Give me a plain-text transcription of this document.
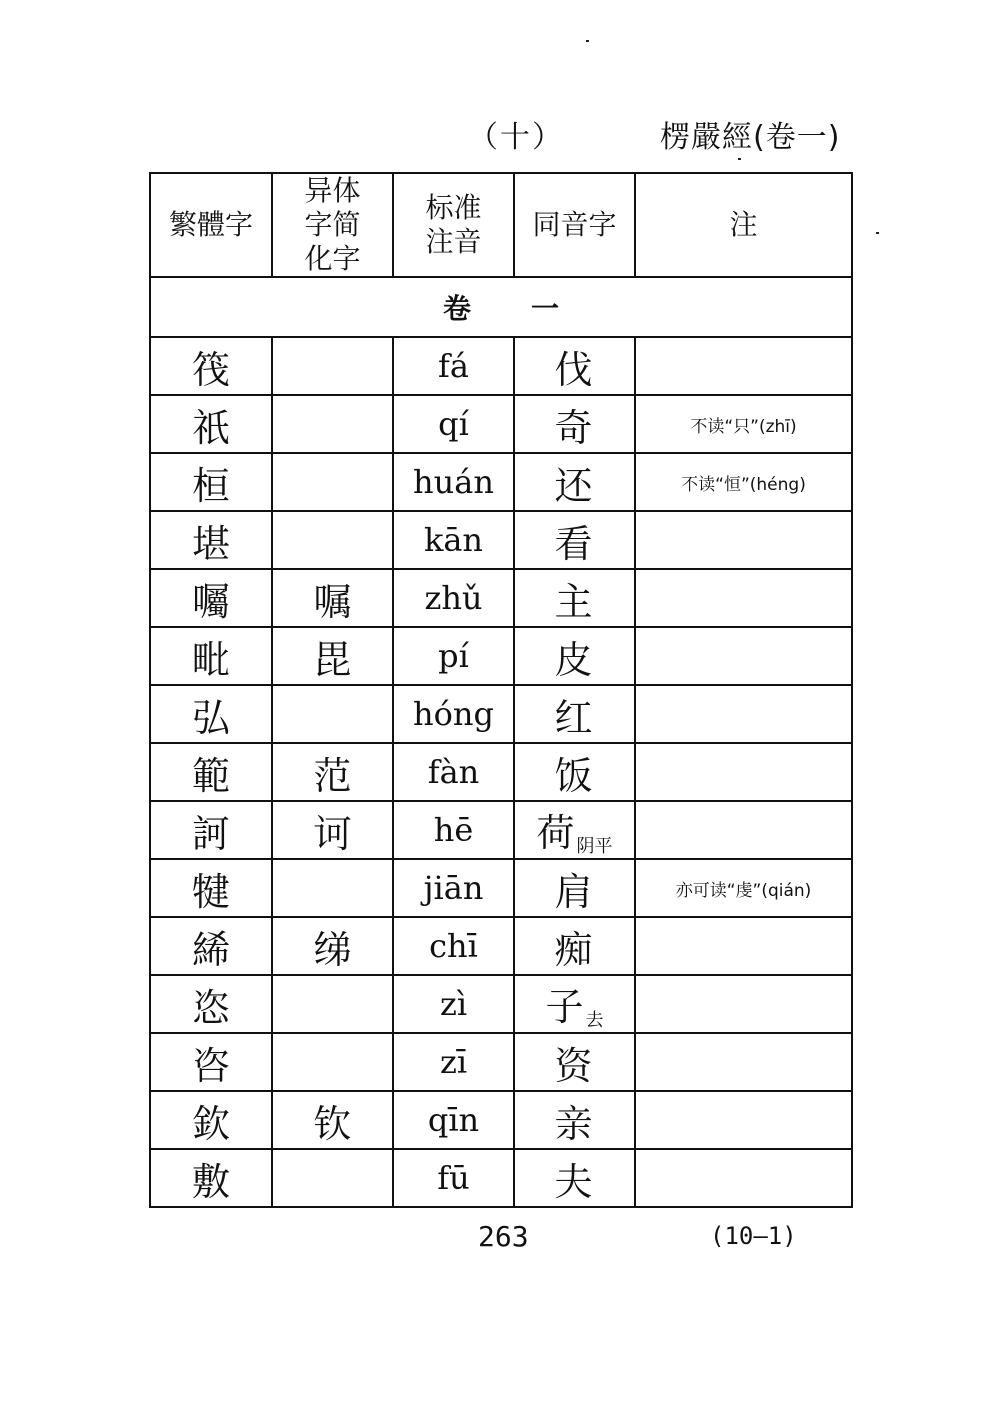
（十）	楞嚴經(卷一)
繁體字	异体字简化字	标准注音	同音字	注
卷一				
筏		fá	伐	
祇		qí	奇	不读“只”(zhī)
桓		huán	还	不读“恒”(héng)
堪		kān	看	
囑	嘱	zhǔ	主	
毗	毘	pí	皮	
弘		hóng	红	
範	范	fàn	饭	
訶	诃	hē	荷 $_{阴平}$	
犍		jiān	肩	亦可读“虔”(qián)
絺	绨	chī	痴	
恣		zì	子 $_去$	
咨		zī	资	
欽	钦	qīn	亲	
敷		fū	夫	
263	(10—1)
